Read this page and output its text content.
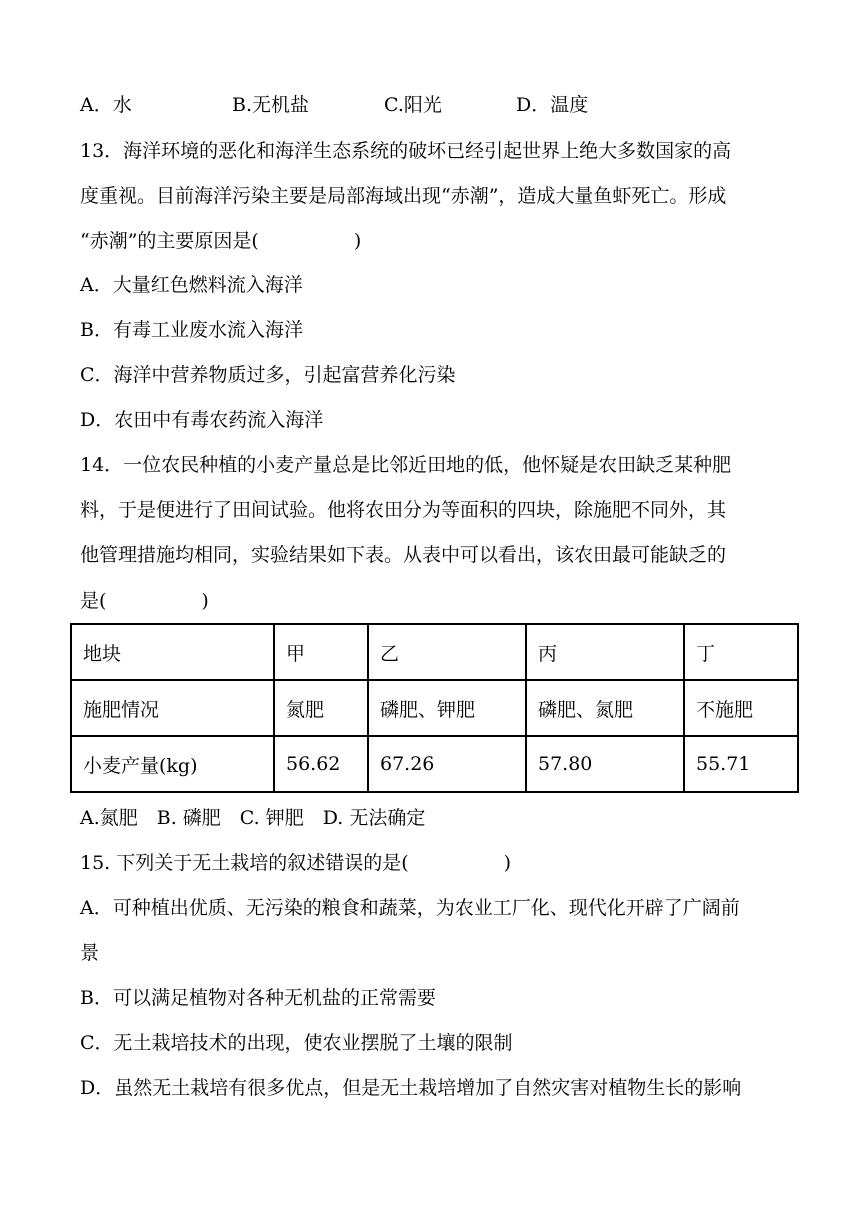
A．水	B.无机盐	C.阳光	D．温度
13．海洋环境的恶化和海洋生态系统的破坏已经引起世界上绝大多数国家的高
度重视。目前海洋污染主要是局部海域出现“赤潮”，造成大量鱼虾死亡。形成
“赤潮”的主要原因是(　　　　　)
A．大量红色燃料流入海洋
B．有毒工业废水流入海洋
C．海洋中营养物质过多，引起富营养化污染
D．农田中有毒农药流入海洋
14．一位农民种植的小麦产量总是比邻近田地的低，他怀疑是农田缺乏某种肥
料，于是便进行了田间试验。他将农田分为等面积的四块，除施肥不同外，其
他管理措施均相同，实验结果如下表。从表中可以看出，该农田最可能缺乏的
是(　　　　　)
地块	甲	乙	丙	丁
施肥情况	氮肥	磷肥、钾肥	磷肥、氮肥	不施肥
小麦产量(kg)	56.62	67.26	57.80	55.71
A.氮肥　B. 磷肥　C. 钾肥　D. 无法确定
15. 下列关于无土栽培的叙述错误的是(　　　　　)
A．可种植出优质、无污染的粮食和蔬菜，为农业工厂化、现代化开辟了广阔前
景
B．可以满足植物对各种无机盐的正常需要
C．无土栽培技术的出现，使农业摆脱了土壤的限制
D．虽然无土栽培有很多优点，但是无土栽培增加了自然灾害对植物生长的影响
